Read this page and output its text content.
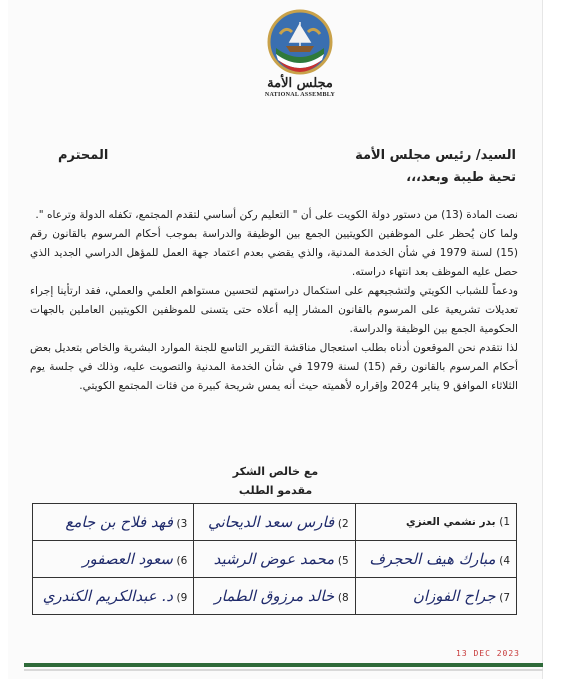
مجلس الأمة
NATIONAL ASSEMBLY
السيد/ رئيس مجلس الأمة
المحترم
تحية طيبة وبعد،،،

نصت المادة (13) من دستور دولة الكويت على أن " التعليم ركن أساسي لتقدم المجتمع، تكفله الدولة وترعاه ".

ولما كان يُحظر على الموظفين الكويتيين الجمع بين الوظيفة والدراسة بموجب أحكام المرسوم بالقانون رقم (15) لسنة 1979 في شأن الخدمة المدنية، والذي يقضي بعدم اعتماد جهة العمل للمؤهل الدراسي الجديد الذي حصل عليه الموظف بعد انتهاء دراسته.

ودعماً للشباب الكويتي ولتشجيعهم على استكمال دراستهم لتحسين مستواهم العلمي والعملي، فقد ارتأينا إجراء تعديلات تشريعية على المرسوم بالقانون المشار إليه أعلاه حتى يتسنى للموظفين الكويتيين العاملين بالجهات الحكومية الجمع بين الوظيفة والدراسة.

لذا نتقدم نحن الموقعون أدناه بطلب استعجال مناقشة التقرير التاسع للجنة الموارد البشرية والخاص بتعديل بعض أحكام المرسوم بالقانون رقم (15) لسنة 1979 في شأن الخدمة المدنية والتصويت عليه، وذلك في جلسة يوم الثلاثاء الموافق 9 يناير 2024 وإقراره لأهميته حيث أنه يمس شريحة كبيرة من فئات المجتمع الكويتي.

مع خالص الشكر
مقدمو الطلب
1) بدر نشمي العنزي	2) فارس سعد الديحاني	3) فهد فلاح بن جامع
4) مبارك هيف الحجرف	5) محمد عوض الرشيد	6) سعود العصفور
7) جراح الفوزان	8) خالد مرزوق الطمار	9) د. عبدالكريم الكندري
13 DEC 2023
